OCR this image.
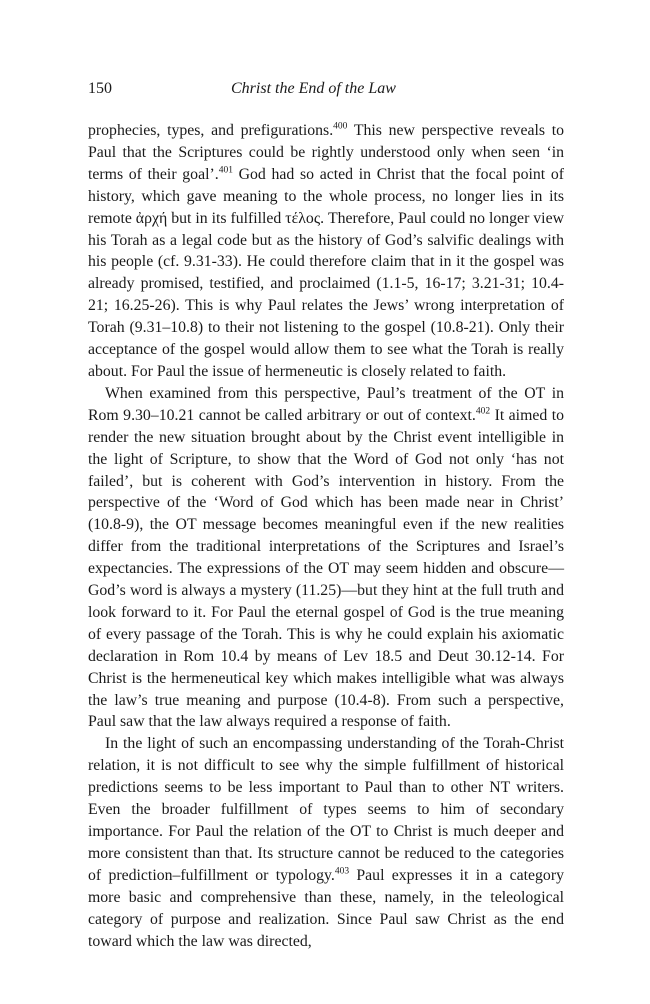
150	Christ the End of the Law

prophecies, types, and prefigurations.$^{400}$ This new perspective reveals to Paul that the Scriptures could be rightly understood only when seen ‘in terms of their goal’.$^{401}$ God had so acted in Christ that the focal point of history, which gave meaning to the whole process, no longer lies in its remote ἀρχή but in its fulfilled τέλος. Therefore, Paul could no longer view his Torah as a legal code but as the history of God’s salvific dealings with his people (cf. 9.31-33). He could therefore claim that in it the gospel was already promised, testified, and proclaimed (1.1-5, 16-17; 3.21-31; 10.4-21; 16.25-26). This is why Paul relates the Jews’ wrong interpretation of Torah (9.31–10.8) to their not listening to the gospel (10.8-21). Only their acceptance of the gospel would allow them to see what the Torah is really about. For Paul the issue of hermeneutic is closely related to faith.

When examined from this perspective, Paul’s treatment of the OT in Rom 9.30–10.21 cannot be called arbitrary or out of context.$^{402}$ It aimed to render the new situation brought about by the Christ event intelligible in the light of Scripture, to show that the Word of God not only ‘has not failed’, but is coherent with God’s intervention in history. From the perspective of the ‘Word of God which has been made near in Christ’ (10.8-9), the OT message becomes meaningful even if the new realities differ from the traditional interpretations of the Scriptures and Israel’s expectancies. The expressions of the OT may seem hidden and obscure—God’s word is always a mystery (11.25)—but they hint at the full truth and look forward to it. For Paul the eternal gospel of God is the true meaning of every passage of the Torah. This is why he could explain his axiomatic declaration in Rom 10.4 by means of Lev 18.5 and Deut 30.12-14. For Christ is the hermeneutical key which makes intelligible what was always the law’s true meaning and purpose (10.4-8). From such a perspective, Paul saw that the law always required a response of faith.

In the light of such an encompassing understanding of the Torah-Christ relation, it is not difficult to see why the simple fulfillment of historical predictions seems to be less important to Paul than to other NT writers. Even the broader fulfillment of types seems to him of secondary importance. For Paul the relation of the OT to Christ is much deeper and more consistent than that. Its structure cannot be reduced to the categories of prediction–fulfillment or typology.$^{403}$ Paul expresses it in a category more basic and comprehensive than these, namely, in the teleological category of purpose and realization. Since Paul saw Christ as the end toward which the law was directed,
